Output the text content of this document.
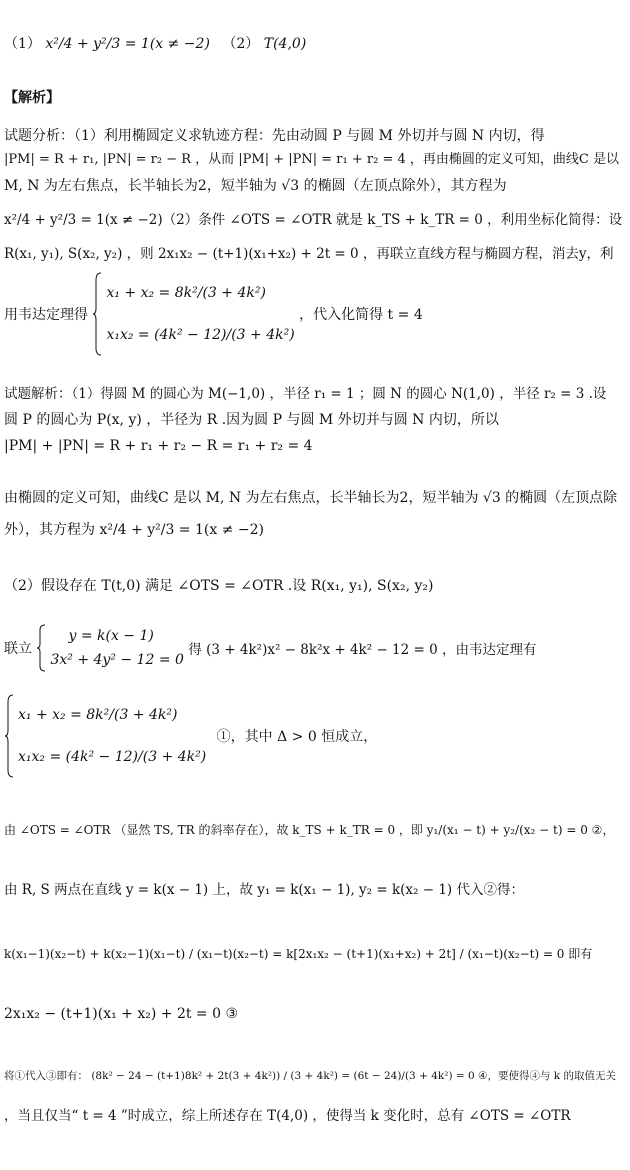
（1） x²/4 + y²/3 = 1(x ≠ −2) （2） T(4,0)
【解析】
试题分析：（1）利用椭圆定义求轨迹方程：先由动圆 P 与圆 M 外切并与圆 N 内切，得
|PM| = R + r₁, |PN| = r₂ − R ，从而 |PM| + |PN| = r₁ + r₂ = 4 ，再由椭圆的定义可知，曲线C 是以
M, N 为左右焦点，长半轴长为2，短半轴为 √3 的椭圆（左顶点除外），其方程为
x²/4 + y²/3 = 1(x ≠ −2)（2）条件 ∠OTS = ∠OTR 就是 k_TS + k_TR = 0 ，利用坐标化简得：设
R(x₁, y₁), S(x₂, y₂) ，则 2x₁x₂ − (t+1)(x₁+x₂) + 2t = 0 ，再联立直线方程与椭圆方程，消去y，利
用韦达定理得
x₁ + x₂ = 8k²/(3 + 4k²)
x₁x₂ = (4k² − 12)/(3 + 4k²)
，代入化简得 t = 4
试题解析：（1）得圆 M 的圆心为 M(−1,0) ，半径 r₁ = 1 ；圆 N 的圆心 N(1,0) ，半径 r₂ = 3 .设
圆 P 的圆心为 P(x, y) ，半径为 R .因为圆 P 与圆 M 外切并与圆 N 内切，所以
|PM| + |PN| = R + r₁ + r₂ − R = r₁ + r₂ = 4
由椭圆的定义可知，曲线C 是以 M, N 为左右焦点，长半轴长为2，短半轴为 √3 的椭圆（左顶点除
外），其方程为 x²/4 + y²/3 = 1(x ≠ −2)
（2）假设存在 T(t,0) 满足 ∠OTS = ∠OTR .设 R(x₁, y₁), S(x₂, y₂)
联立
y = k(x − 1)
3x² + 4y² − 12 = 0
得 (3 + 4k²)x² − 8k²x + 4k² − 12 = 0 ，由韦达定理有
x₁ + x₂ = 8k²/(3 + 4k²)
x₁x₂ = (4k² − 12)/(3 + 4k²)
①，其中 Δ > 0 恒成立，
由 ∠OTS = ∠OTR （显然 TS, TR 的斜率存在），故 k_TS + k_TR = 0 ，即 y₁/(x₁ − t) + y₂/(x₂ − t) = 0 ②，
由 R, S 两点在直线 y = k(x − 1) 上，故 y₁ = k(x₁ − 1), y₂ = k(x₂ − 1) 代入②得：
k(x₁−1)(x₂−t) + k(x₂−1)(x₁−t) / (x₁−t)(x₂−t) = k[2x₁x₂ − (t+1)(x₁+x₂) + 2t] / (x₁−t)(x₂−t) = 0 即有
2x₁x₂ − (t+1)(x₁ + x₂) + 2t = 0 ③
将①代入③即有： (8k² − 24 − (t+1)8k² + 2t(3 + 4k²)) / (3 + 4k²) = (6t − 24)/(3 + 4k²) = 0 ④，要使得④与 k 的取值无关
，当且仅当“ t = 4 ”时成立，综上所述存在 T(4,0) ，使得当 k 变化时，总有 ∠OTS = ∠OTR
